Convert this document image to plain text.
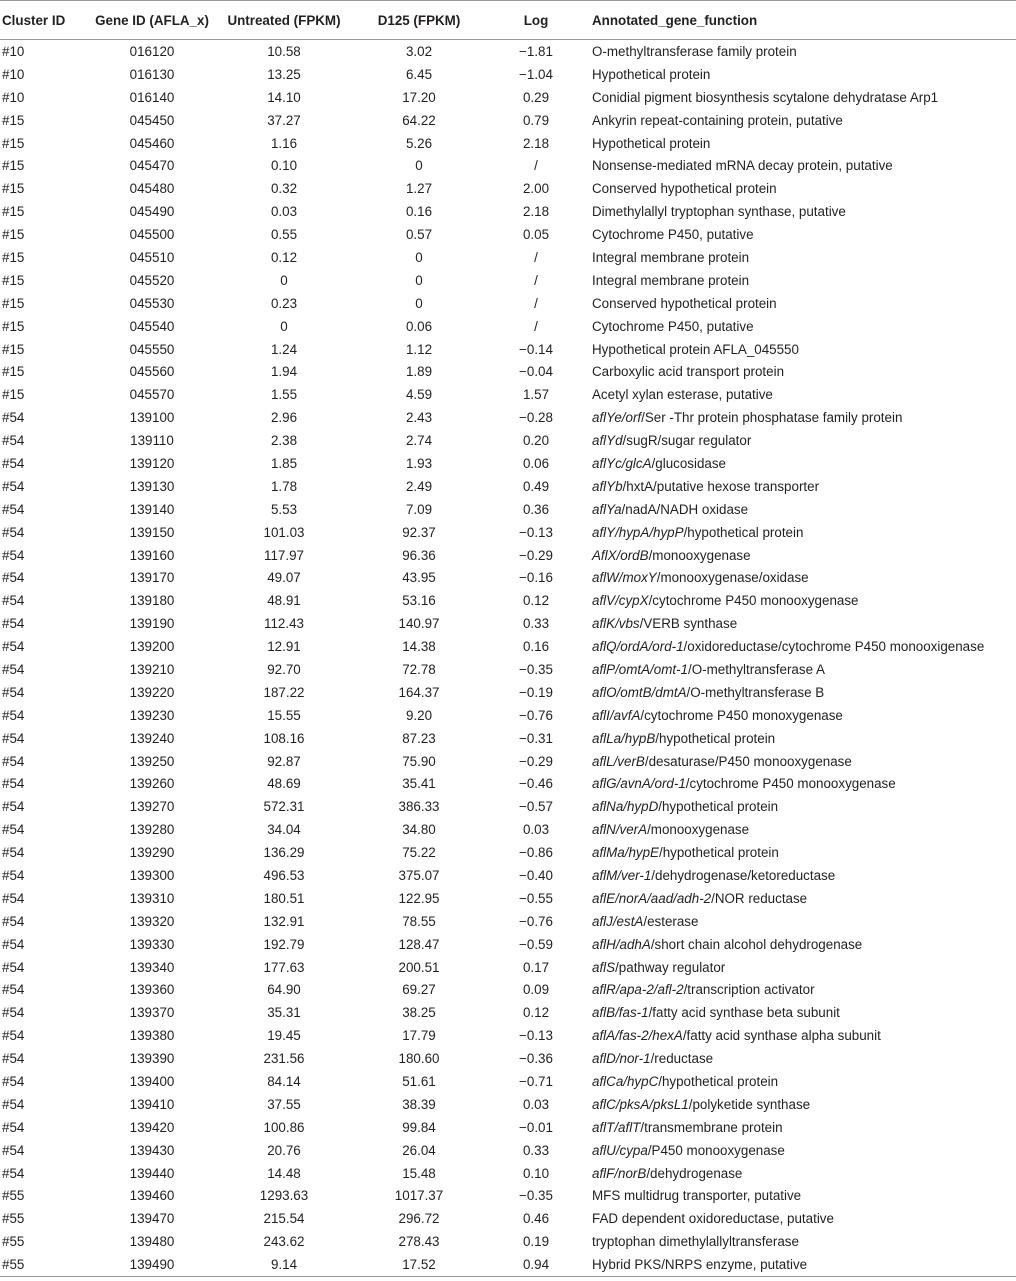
Cluster ID	Gene ID (AFLA_x)	Untreated (FPKM)	D125 (FPKM)	Log	Annotated_gene_function
#10	016120	10.58	3.02	−1.81	O-methyltransferase family protein
#10	016130	13.25	6.45	−1.04	Hypothetical protein
#10	016140	14.10	17.20	0.29	Conidial pigment biosynthesis scytalone dehydratase Arp1
#15	045450	37.27	64.22	0.79	Ankyrin repeat-containing protein, putative
#15	045460	1.16	5.26	2.18	Hypothetical protein
#15	045470	0.10	0	/	Nonsense-mediated mRNA decay protein, putative
#15	045480	0.32	1.27	2.00	Conserved hypothetical protein
#15	045490	0.03	0.16	2.18	Dimethylallyl tryptophan synthase, putative
#15	045500	0.55	0.57	0.05	Cytochrome P450, putative
#15	045510	0.12	0	/	Integral membrane protein
#15	045520	0	0	/	Integral membrane protein
#15	045530	0.23	0	/	Conserved hypothetical protein
#15	045540	0	0.06	/	Cytochrome P450, putative
#15	045550	1.24	1.12	−0.14	Hypothetical protein AFLA_045550
#15	045560	1.94	1.89	−0.04	Carboxylic acid transport protein
#15	045570	1.55	4.59	1.57	Acetyl xylan esterase, putative
#54	139100	2.96	2.43	−0.28	aflYe/orf/Ser -Thr protein phosphatase family protein
#54	139110	2.38	2.74	0.20	aflYd/sugR/sugar regulator
#54	139120	1.85	1.93	0.06	aflYc/glcA/glucosidase
#54	139130	1.78	2.49	0.49	aflYb/hxtA/putative hexose transporter
#54	139140	5.53	7.09	0.36	aflYa/nadA/NADH oxidase
#54	139150	101.03	92.37	−0.13	aflY/hypA/hypP/hypothetical protein
#54	139160	117.97	96.36	−0.29	AflX/ordB/monooxygenase
#54	139170	49.07	43.95	−0.16	aflW/moxY/monooxygenase/oxidase
#54	139180	48.91	53.16	0.12	aflV/cypX/cytochrome P450 monooxygenase
#54	139190	112.43	140.97	0.33	aflK/vbs/VERB synthase
#54	139200	12.91	14.38	0.16	aflQ/ordA/ord-1/oxidoreductase/cytochrome P450 monooxigenase
#54	139210	92.70	72.78	−0.35	aflP/omtA/omt-1/O-methyltransferase A
#54	139220	187.22	164.37	−0.19	aflO/omtB/dmtA/O-methyltransferase B
#54	139230	15.55	9.20	−0.76	aflI/avfA/cytochrome P450 monoxygenase
#54	139240	108.16	87.23	−0.31	aflLa/hypB/hypothetical protein
#54	139250	92.87	75.90	−0.29	aflL/verB/desaturase/P450 monooxygenase
#54	139260	48.69	35.41	−0.46	aflG/avnA/ord-1/cytochrome P450 monooxygenase
#54	139270	572.31	386.33	−0.57	aflNa/hypD/hypothetical protein
#54	139280	34.04	34.80	0.03	aflN/verA/monooxygenase
#54	139290	136.29	75.22	−0.86	aflMa/hypE/hypothetical protein
#54	139300	496.53	375.07	−0.40	aflM/ver-1/dehydrogenase/ketoreductase
#54	139310	180.51	122.95	−0.55	aflE/norA/aad/adh-2/NOR reductase
#54	139320	132.91	78.55	−0.76	aflJ/estA/esterase
#54	139330	192.79	128.47	−0.59	aflH/adhA/short chain alcohol dehydrogenase
#54	139340	177.63	200.51	0.17	aflS/pathway regulator
#54	139360	64.90	69.27	0.09	aflR/apa-2/afl-2/transcription activator
#54	139370	35.31	38.25	0.12	aflB/fas-1/fatty acid synthase beta subunit
#54	139380	19.45	17.79	−0.13	aflA/fas-2/hexA/fatty acid synthase alpha subunit
#54	139390	231.56	180.60	−0.36	aflD/nor-1/reductase
#54	139400	84.14	51.61	−0.71	aflCa/hypC/hypothetical protein
#54	139410	37.55	38.39	0.03	aflC/pksA/pksL1/polyketide synthase
#54	139420	100.86	99.84	−0.01	aflT/aflT/transmembrane protein
#54	139430	20.76	26.04	0.33	aflU/cypa/P450 monooxygenase
#54	139440	14.48	15.48	0.10	aflF/norB/dehydrogenase
#55	139460	1293.63	1017.37	−0.35	MFS multidrug transporter, putative
#55	139470	215.54	296.72	0.46	FAD dependent oxidoreductase, putative
#55	139480	243.62	278.43	0.19	tryptophan dimethylallyltransferase
#55	139490	9.14	17.52	0.94	Hybrid PKS/NRPS enzyme, putative
